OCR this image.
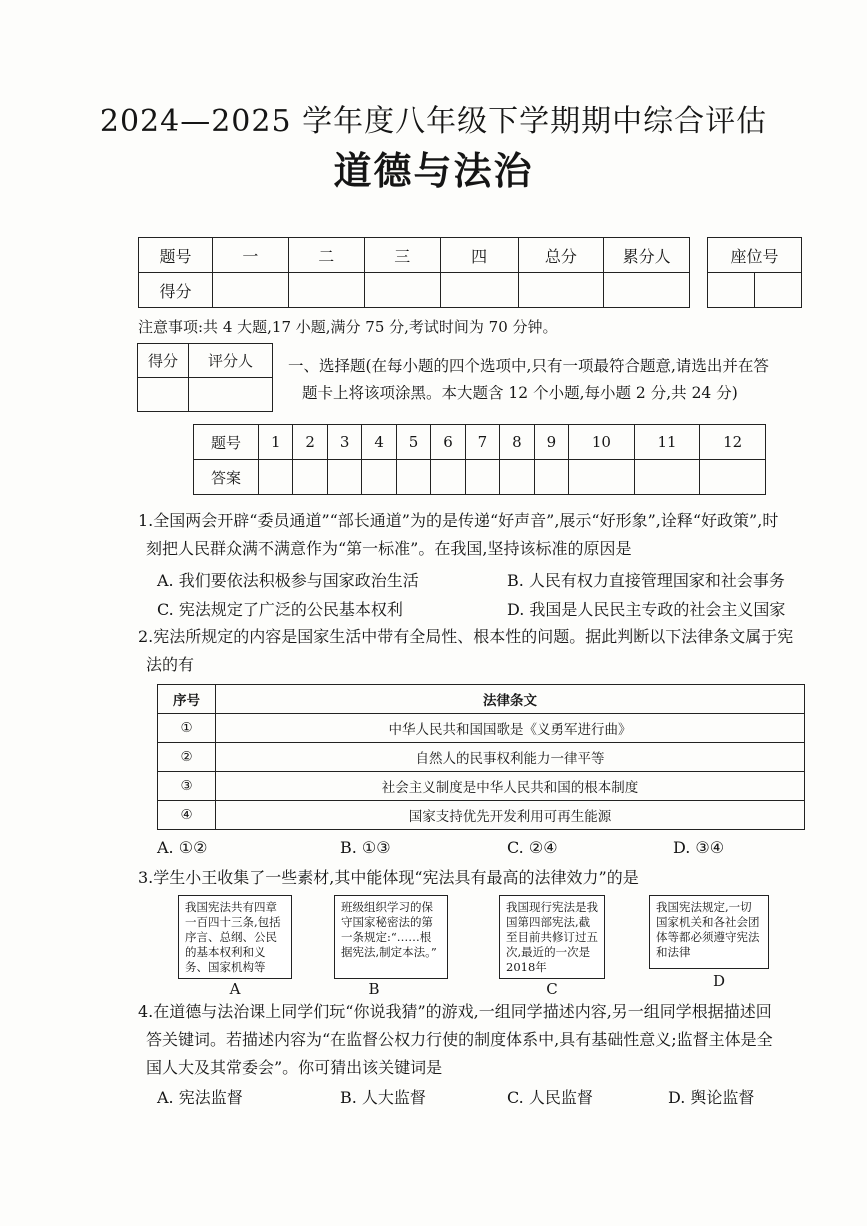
2024—2025 学年度八年级下学期期中综合评估
道德与法治
题号	一	二	三	四	总分	累分人
得分						
座位号

注意事项:共 4 大题,17 小题,满分 75 分,考试时间为 70 分钟。
得分	评分人
	一、选择题(在每小题的四个选项中,只有一项最符合题意,请选出并在答
题卡上将该项涂黑。本大题含 12 个小题,每小题 2 分,共 24 分)
题号	1	2	3	4	5	6	7	8	9	10	11	12
答案												
1.全国两会开辟“委员通道”“部长通道”为的是传递“好声音”,展示“好形象”,诠释“好政策”,时
刻把人民群众满不满意作为“第一标准”。在我国,坚持该标准的原因是
A. 我们要依法积极参与国家政治生活	B. 人民有权力直接管理国家和社会事务
C. 宪法规定了广泛的公民基本权利	D. 我国是人民民主专政的社会主义国家
2.宪法所规定的内容是国家生活中带有全局性、根本性的问题。据此判断以下法律条文属于宪
法的有
序号	法律条文
①	中华人民共和国国歌是《义勇军进行曲》
②	自然人的民事权利能力一律平等
③	社会主义制度是中华人民共和国的根本制度
④	国家支持优先开发利用可再生能源
A. ①②	B. ①③	C. ②④	D. ③④
3.学生小王收集了一些素材,其中能体现“宪法具有最高的法律效力”的是
我国宪法共有四章一百四十三条,包括序言、总纲、公民的基本权利和义务、国家机构等
A
班级组织学习的保守国家秘密法的第一条规定:“……根据宪法,制定本法。”
B
我国现行宪法是我国第四部宪法,截至目前共修订过五次,最近的一次是2018年
C
我国宪法规定,一切国家机关和各社会团体等都必须遵守宪法和法律
D
4.在道德与法治课上同学们玩“你说我猜”的游戏,一组同学描述内容,另一组同学根据描述回
答关键词。若描述内容为“在监督公权力行使的制度体系中,具有基础性意义;监督主体是全
国人大及其常委会”。你可猜出该关键词是
A. 宪法监督	B. 人大监督	C. 人民监督	D. 舆论监督
